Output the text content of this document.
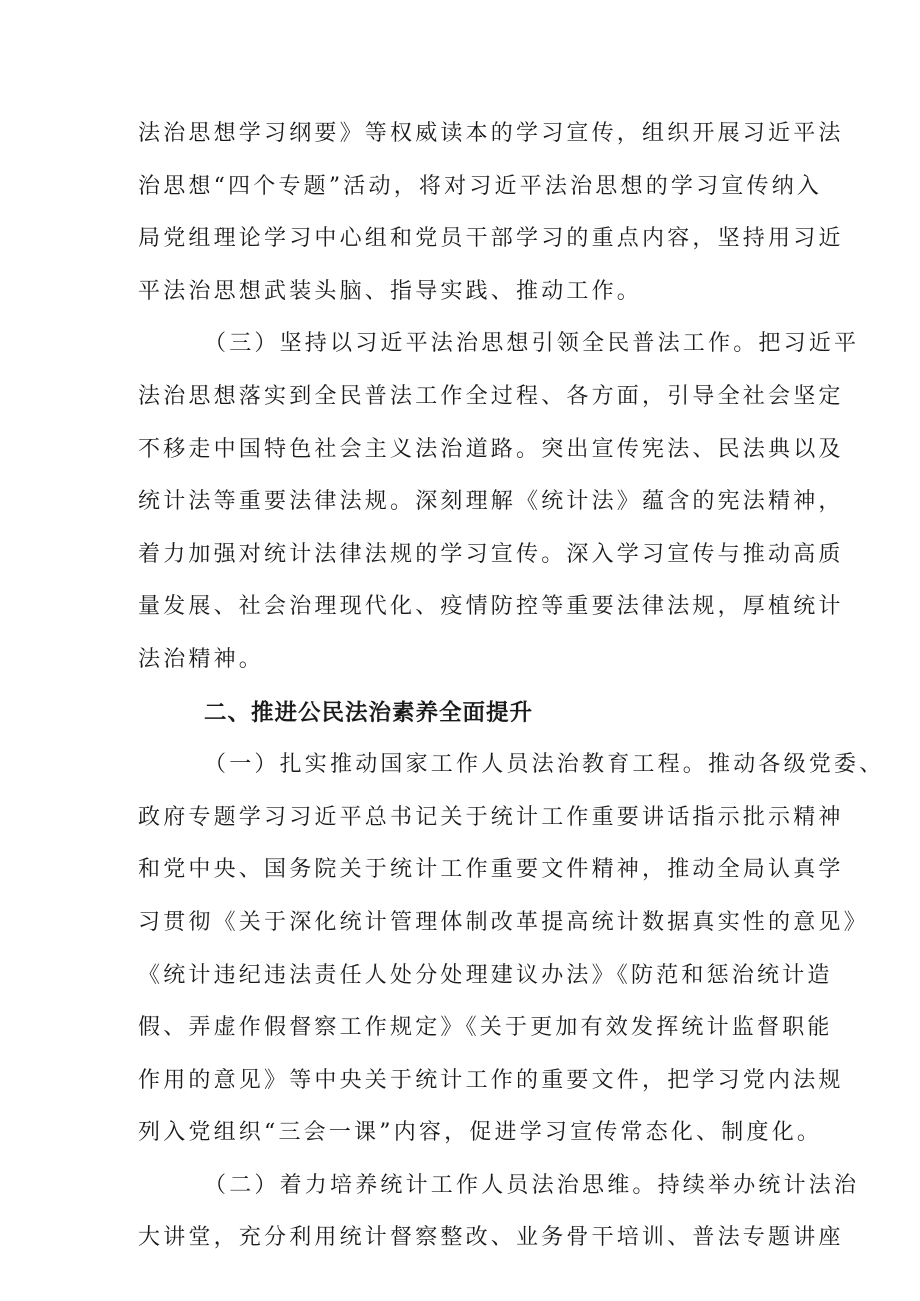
法治思想学习纲要》等权威读本的学习宣传，组织开展习近平法
治思想“四个专题”活动，将对习近平法治思想的学习宣传纳入
局党组理论学习中心组和党员干部学习的重点内容，坚持用习近
平法治思想武装头脑、指导实践、推动工作。
（三）坚持以习近平法治思想引领全民普法工作。把习近平
法治思想落实到全民普法工作全过程、各方面，引导全社会坚定
不移走中国特色社会主义法治道路。突出宣传宪法、民法典以及
统计法等重要法律法规。深刻理解《统计法》蕴含的宪法精神，
着力加强对统计法律法规的学习宣传。深入学习宣传与推动高质
量发展、社会治理现代化、疫情防控等重要法律法规，厚植统计
法治精神。
二、推进公民法治素养全面提升
（一）扎实推动国家工作人员法治教育工程。推动各级党委、
政府专题学习习近平总书记关于统计工作重要讲话指示批示精神
和党中央、国务院关于统计工作重要文件精神，推动全局认真学
习贯彻《关于深化统计管理体制改革提高统计数据真实性的意见》
《统计违纪违法责任人处分处理建议办法》《防范和惩治统计造
假、弄虚作假督察工作规定》《关于更加有效发挥统计监督职能
作用的意见》等中央关于统计工作的重要文件，把学习党内法规
列入党组织“三会一课”内容，促进学习宣传常态化、制度化。
（二）着力培养统计工作人员法治思维。持续举办统计法治
大讲堂，充分利用统计督察整改、业务骨干培训、普法专题讲座
